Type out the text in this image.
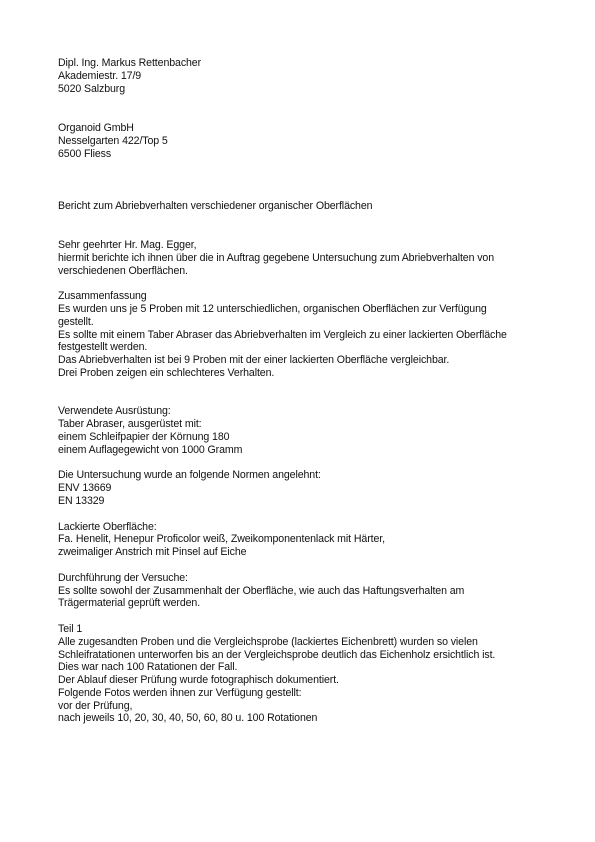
Dipl. Ing. Markus Rettenbacher
Akademiestr. 17/9
5020 Salzburg
Organoid GmbH
Nesselgarten 422/Top 5
6500 Fliess
Bericht zum Abriebverhalten verschiedener organischer Oberflächen
Sehr geehrter Hr. Mag. Egger,
hiermit berichte ich ihnen über die in Auftrag gegebene Untersuchung zum Abriebverhalten von
verschiedenen Oberflächen.
Zusammenfassung
Es wurden uns je 5 Proben mit 12 unterschiedlichen, organischen Oberflächen zur Verfügung
gestellt.
Es sollte mit einem Taber Abraser das Abriebverhalten im Vergleich zu einer lackierten Oberfläche
festgestellt werden.
Das Abriebverhalten ist bei 9 Proben mit der einer lackierten Oberfläche vergleichbar.
Drei Proben zeigen ein schlechteres Verhalten.
Verwendete Ausrüstung:
Taber Abraser, ausgerüstet mit:
einem Schleifpapier der Körnung 180
einem Auflagegewicht von 1000 Gramm
Die Untersuchung wurde an folgende Normen angelehnt:
ENV 13669
EN 13329
Lackierte Oberfläche:
Fa. Henelit, Henepur Proficolor weiß, Zweikomponentenlack mit Härter,
zweimaliger Anstrich mit Pinsel auf Eiche
Durchführung der Versuche:
Es sollte sowohl der Zusammenhalt der Oberfläche, wie auch das Haftungsverhalten am
Trägermaterial geprüft werden.
Teil 1
Alle zugesandten Proben und die Vergleichsprobe (lackiertes Eichenbrett) wurden so vielen
Schleifratationen unterworfen bis an der Vergleichsprobe deutlich das Eichenholz ersichtlich ist.
Dies war nach 100 Ratationen der Fall.
Der Ablauf dieser Prüfung wurde fotographisch dokumentiert.
Folgende Fotos werden ihnen zur Verfügung gestellt:
vor der Prüfung,
nach jeweils 10, 20, 30, 40, 50, 60, 80 u. 100 Rotationen
